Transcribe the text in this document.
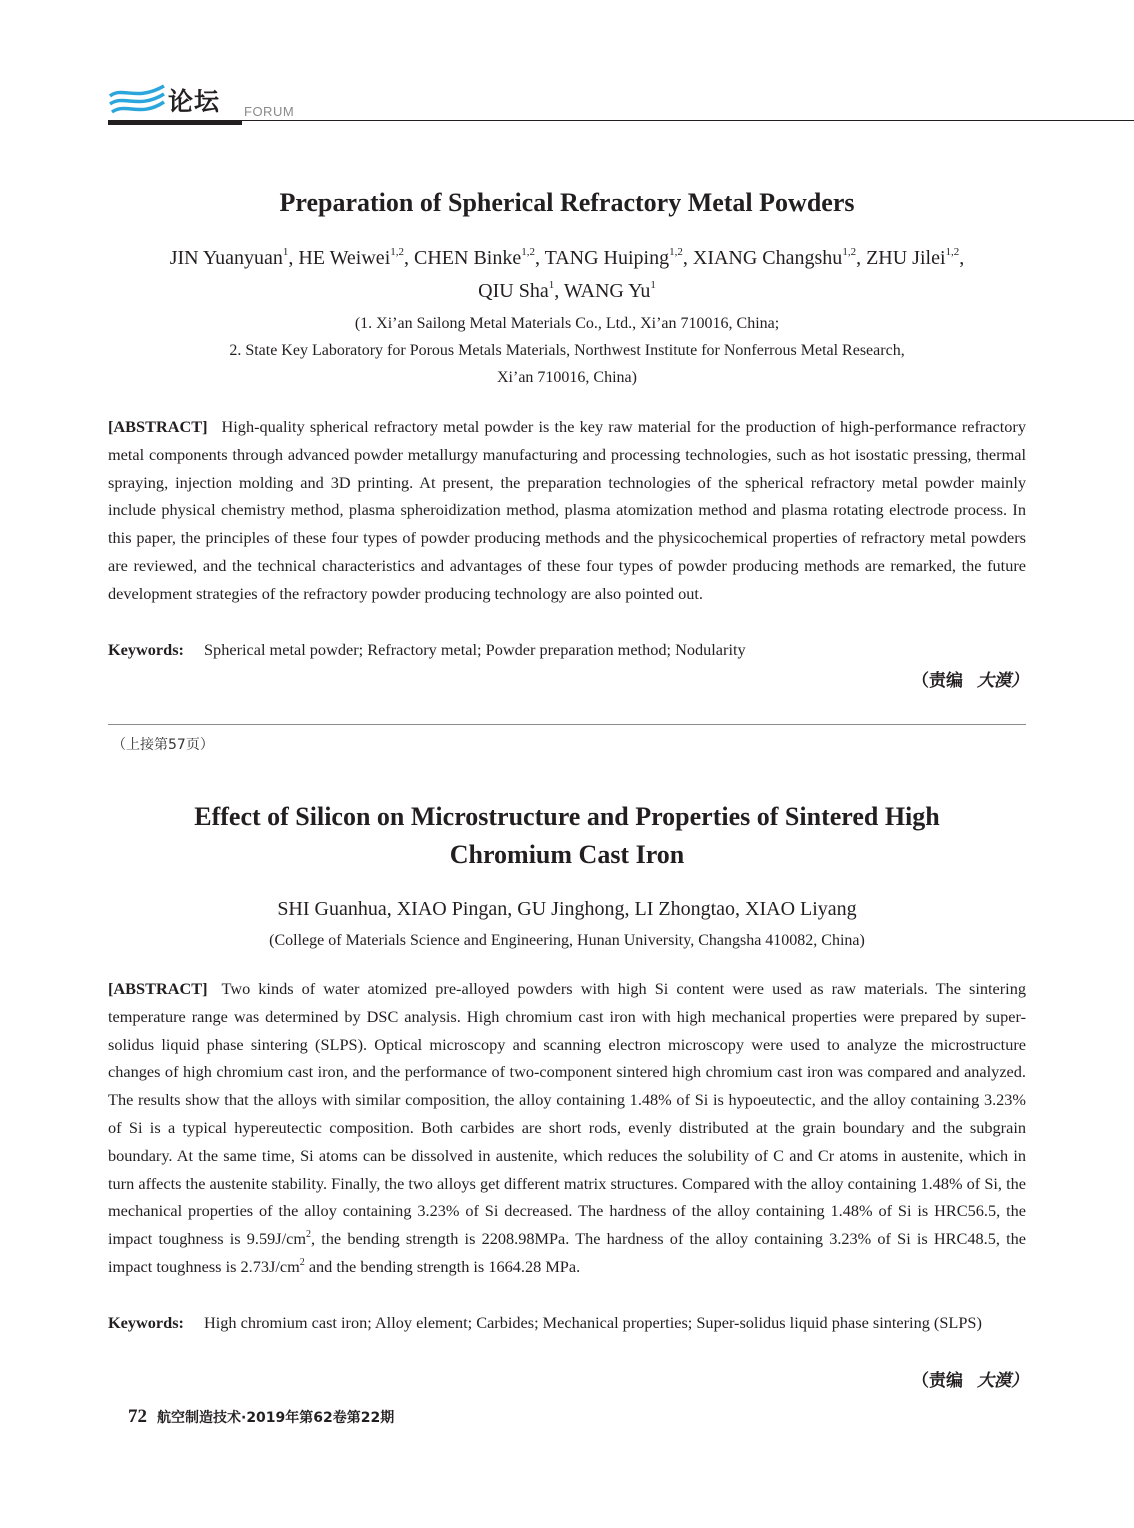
论坛 FORUM
Preparation of Spherical Refractory Metal Powders
JIN Yuanyuan$^1$, HE Weiwei$^{1,2}$, CHEN Binke$^{1,2}$, TANG Huiping$^{1,2}$, XIANG Changshu$^{1,2}$, ZHU Jilei$^{1,2}$,
QIU Sha$^1$, WANG Yu$^1$
(1. Xi’an Sailong Metal Materials Co., Ltd., Xi’an 710016, China;
2. State Key Laboratory for Porous Metals Materials, Northwest Institute for Nonferrous Metal Research,
Xi’an 710016, China)
[ABSTRACT] High-quality spherical refractory metal powder is the key raw material for the production of high-performance refractory metal components through advanced powder metallurgy manufacturing and processing technologies, such as hot isostatic pressing, thermal spraying, injection molding and 3D printing. At present, the preparation technologies of the spherical refractory metal powder mainly include physical chemistry method, plasma spheroidization method, plasma atomization method and plasma rotating electrode process. In this paper, the principles of these four types of powder producing methods and the physicochemical properties of refractory metal powders are reviewed, and the technical characteristics and advantages of these four types of powder producing methods are remarked, the future development strategies of the refractory powder producing technology are also pointed out.
Keywords: Spherical metal powder; Refractory metal; Powder preparation method; Nodularity
（责编 大漠）
（上接第57页）
Effect of Silicon on Microstructure and Properties of Sintered High
Chromium Cast Iron
SHI Guanhua, XIAO Pingan, GU Jinghong, LI Zhongtao, XIAO Liyang
(College of Materials Science and Engineering, Hunan University, Changsha 410082, China)
[ABSTRACT] Two kinds of water atomized pre-alloyed powders with high Si content were used as raw materials. The sintering temperature range was determined by DSC analysis. High chromium cast iron with high mechanical properties were prepared by super-solidus liquid phase sintering (SLPS). Optical microscopy and scanning electron microscopy were used to analyze the microstructure changes of high chromium cast iron, and the performance of two-component sintered high chromium cast iron was compared and analyzed. The results show that the alloys with similar composition, the alloy containing 1.48% of Si is hypoeutectic, and the alloy containing 3.23% of Si is a typical hypereutectic composition. Both carbides are short rods, evenly distributed at the grain boundary and the subgrain boundary. At the same time, Si atoms can be dissolved in austenite, which reduces the solubility of C and Cr atoms in austenite, which in turn affects the austenite stability. Finally, the two alloys get different matrix structures. Compared with the alloy containing 1.48% of Si, the mechanical properties of the alloy containing 3.23% of Si decreased. The hardness of the alloy containing 1.48% of Si is HRC56.5, the impact toughness is $9.59J/cm^2$, the bending strength is 2208.98MPa. The hardness of the alloy containing 3.23% of Si is HRC48.5, the impact toughness is $2.73J/cm^2$ and the bending strength is 1664.28 MPa.
Keywords: High chromium cast iron; Alloy element; Carbides; Mechanical properties; Super-solidus liquid phase sintering (SLPS)
（责编 大漠）
72 航空制造技术·2019年第62卷第22期
